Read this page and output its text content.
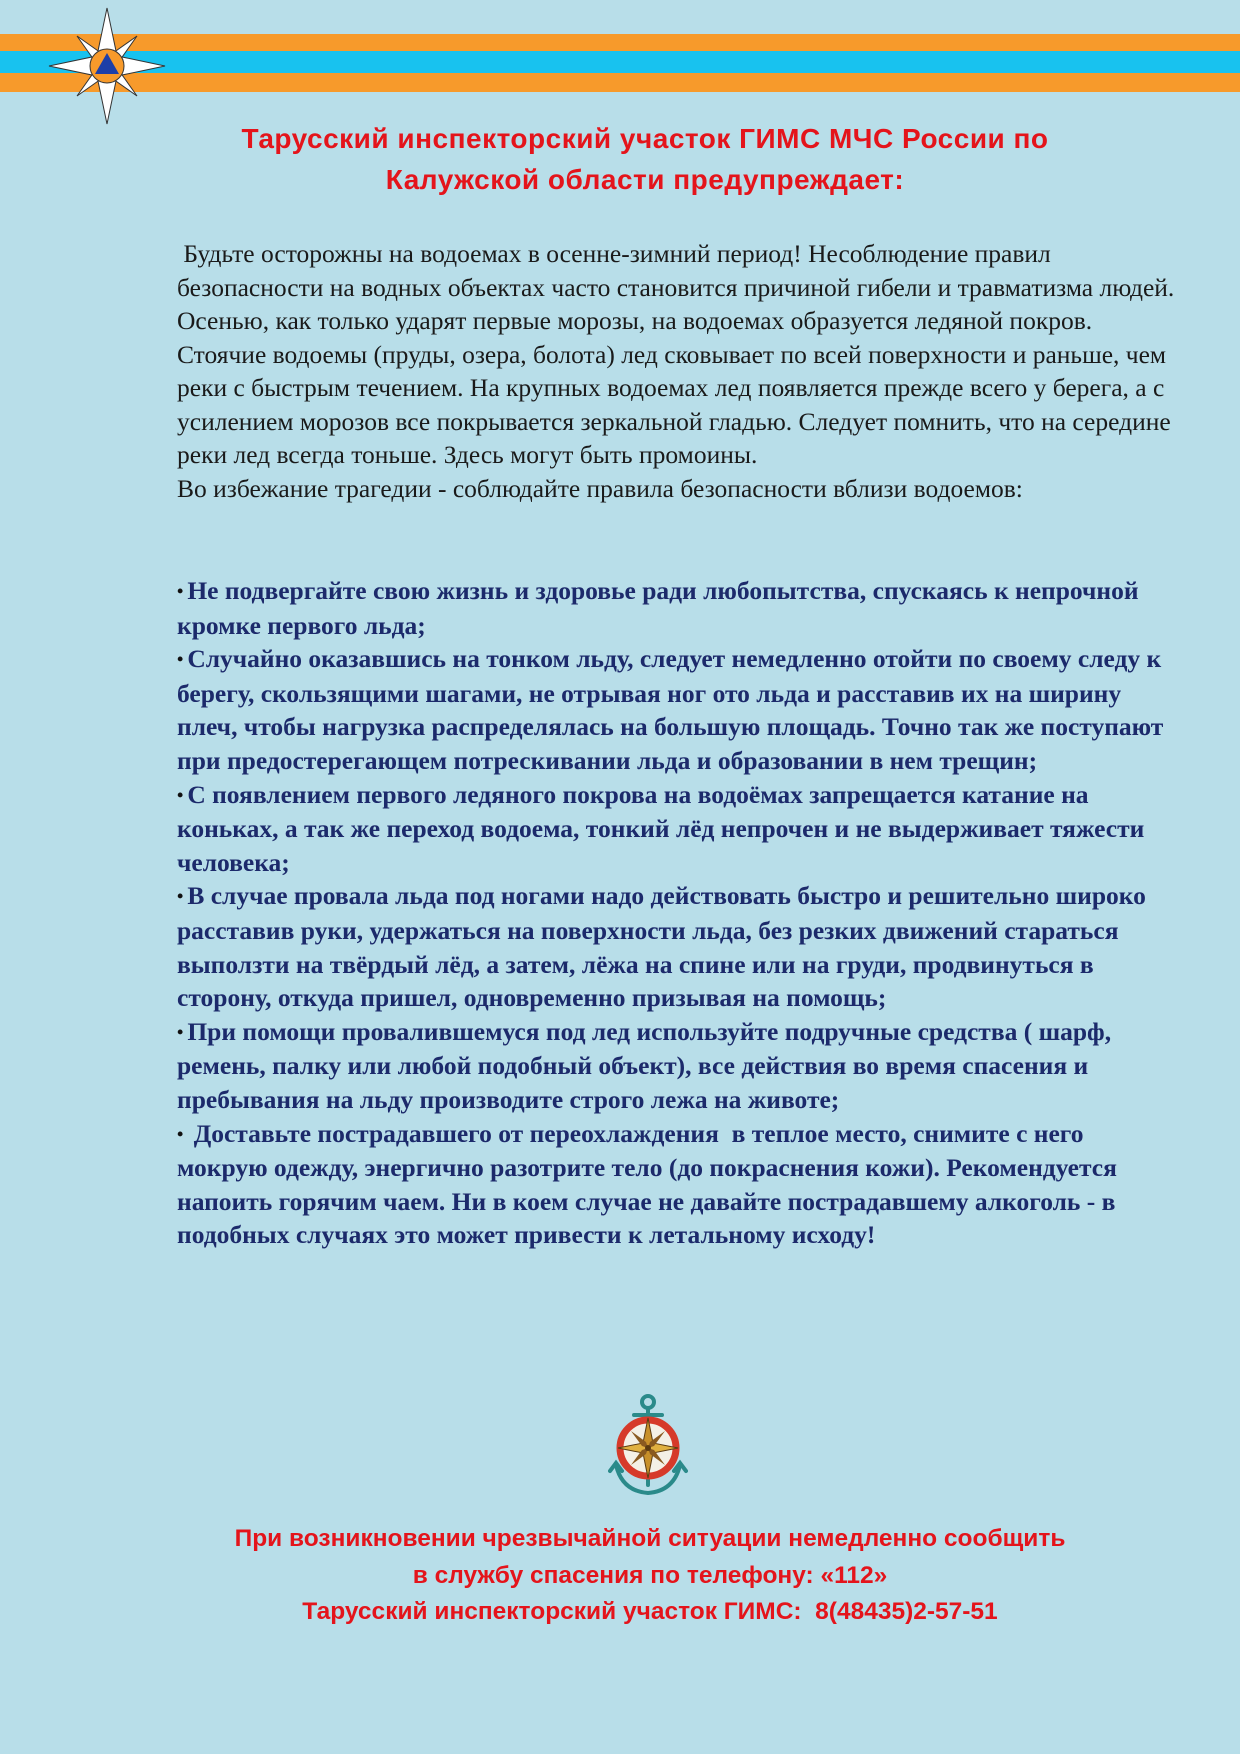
Тарусский инспекторский участок ГИМС МЧС России по
Калужской области предупреждает:

Будьте осторожны на водоемах в осенне-зимний период! Несоблюдение правил безопасности на водных объектах часто становится причиной гибели и травматизма людей. Осенью, как только ударят первые морозы, на водоемах образуется ледяной покров. Стоячие водоемы (пруды, озера, болота) лед сковывает по всей поверхности и раньше, чем реки с быстрым течением. На крупных водоемах лед появляется прежде всего у берега, а с усилением морозов все покрывается зеркальной гладью. Следует помнить, что на середине реки лед всегда тоньше. Здесь могут быть промоины.

Во избежание трагедии - соблюдайте правила безопасности вблизи водоемов:

• Не подвергайте свою жизнь и здоровье ради любопытства, спускаясь к непрочной кромке первого льда;

• Случайно оказавшись на тонком льду, следует немедленно отойти по своему следу к берегу, скользящими шагами, не отрывая ног ото льда и расставив их на ширину плеч, чтобы нагрузка распределялась на большую площадь. Точно так же поступают при предостерегающем потрескивании льда и образовании в нем трещин;

• С появлением первого ледяного покрова на водоёмах запрещается катание на коньках, а так же переход водоема, тонкий лёд непрочен и не выдерживает тяжести человека;

• В случае провала льда под ногами надо действовать быстро и решительно широко расставив руки, удержаться на поверхности льда, без резких движений стараться выползти на твёрдый лёд, а затем, лёжа на спине или на груди, продвинуться в сторону, откуда пришел, одновременно призывая на помощь;

• При помощи провалившемуся под лед используйте подручные средства ( шарф, ремень, палку или любой подобный объект), все действия во время спасения и пребывания на льду производите строго лежа на животе;

• Доставьте пострадавшего от переохлаждения  в теплое место, снимите с него мокрую одежду, энергично разотрите тело (до покраснения кожи). Рекомендуется напоить горячим чаем. Ни в коем случае не давайте пострадавшему алкоголь - в подобных случаях это может привести к летальному исходу!

При возникновении чрезвычайной ситуации немедленно сообщить
в службу спасения по телефону: «112»
Тарусский инспекторский участок ГИМС:  8(48435)2-57-51
